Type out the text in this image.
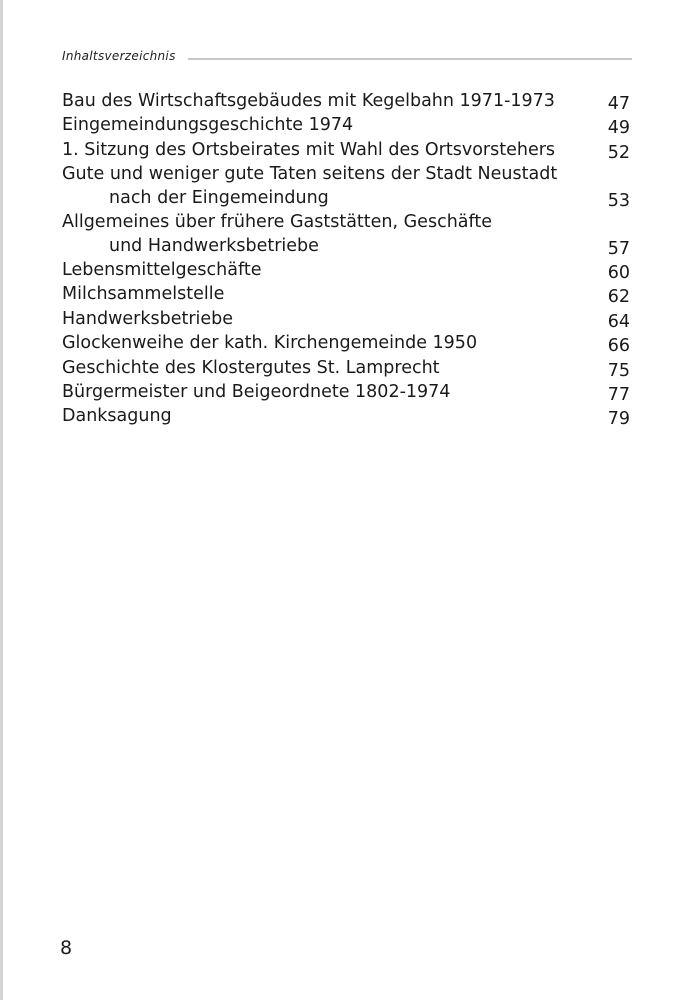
Inhaltsverzeichnis
Bau des Wirtschaftsgebäudes mit Kegelbahn 1971-1973	47
Eingemeindungsgeschichte 1974	49
1. Sitzung des Ortsbeirates mit Wahl des Ortsvorstehers	52
Gute und weniger gute Taten seitens der Stadt Neustadt
nach der Eingemeindung	53
Allgemeines über frühere Gaststätten, Geschäfte
und Handwerksbetriebe	57
Lebensmittelgeschäfte	60
Milchsammelstelle	62
Handwerksbetriebe	64
Glockenweihe der kath. Kirchengemeinde 1950	66
Geschichte des Klostergutes St. Lamprecht	75
Bürgermeister und Beigeordnete 1802-1974	77
Danksagung	79
8
